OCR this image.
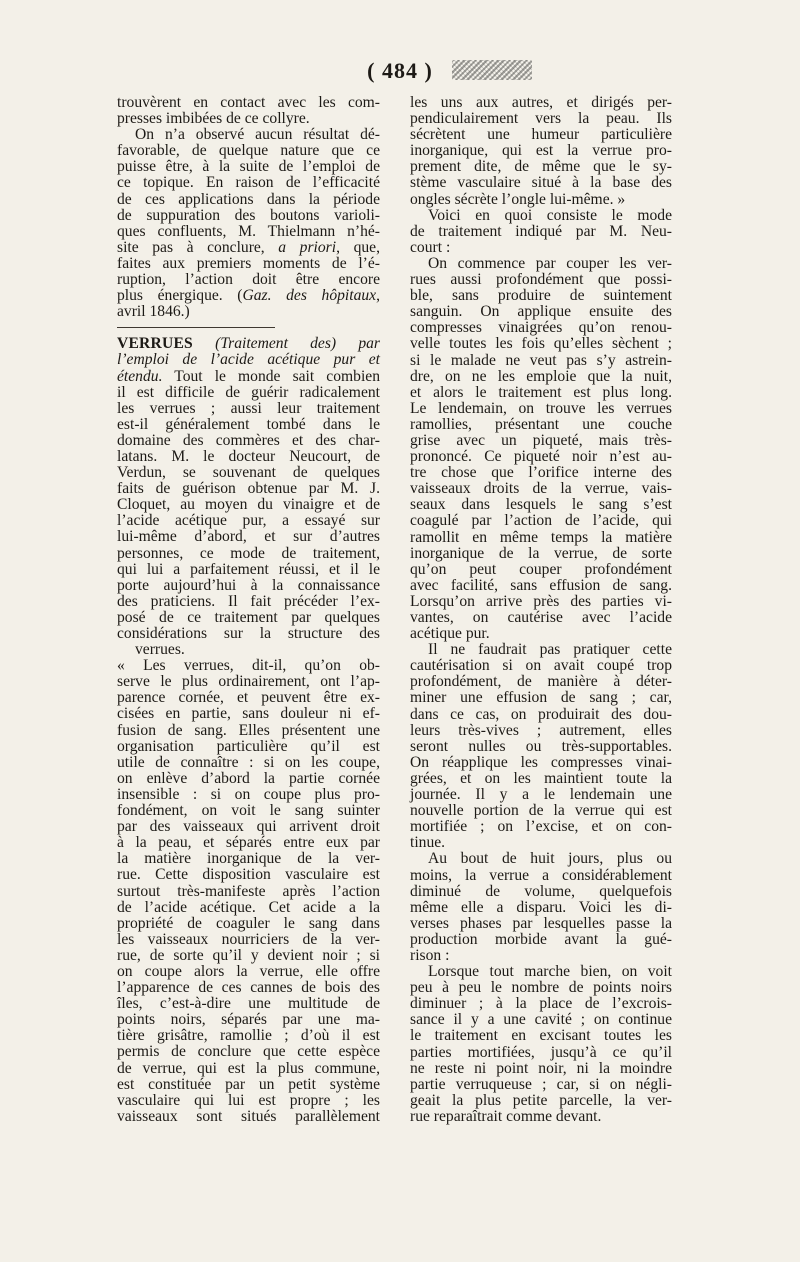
( 484 )
trouvèrent en contact avec les com-
presses imbibées de ce collyre.
On n’a observé aucun résultat dé-
favorable, de quelque nature que ce
puisse être, à la suite de l’emploi de
ce topique. En raison de l’efficacité
de ces applications dans la période
de suppuration des boutons varioli-
ques confluents, M. Thielmann n’hé-
site pas à conclure, a priori, que,
faites aux premiers moments de l’é-
ruption, l’action doit être encore
plus énergique. (Gaz. des hôpitaux,
avril 1846.)
VERRUES (Traitement des) par
l’emploi de l’acide acétique pur et
étendu. Tout le monde sait combien
il est difficile de guérir radicalement
les verrues ; aussi leur traitement
est-il généralement tombé dans le
domaine des commères et des char-
latans. M. le docteur Neucourt, de
Verdun, se souvenant de quelques
faits de guérison obtenue par M. J.
Cloquet, au moyen du vinaigre et de
l’acide acétique pur, a essayé sur
lui-même d’abord, et sur d’autres
personnes, ce mode de traitement,
qui lui a parfaitement réussi, et il le
porte aujourd’hui à la connaissance
des praticiens. Il fait précéder l’ex-
posé de ce traitement par quelques
considérations sur la structure des
verrues.
« Les verrues, dit-il, qu’on ob-
serve le plus ordinairement, ont l’ap-
parence cornée, et peuvent être ex-
cisées en partie, sans douleur ni ef-
fusion de sang. Elles présentent une
organisation particulière qu’il est
utile de connaître : si on les coupe,
on enlève d’abord la partie cornée
insensible : si on coupe plus pro-
fondément, on voit le sang suinter
par des vaisseaux qui arrivent droit
à la peau, et séparés entre eux par
la matière inorganique de la ver-
rue. Cette disposition vasculaire est
surtout très-manifeste après l’action
de l’acide acétique. Cet acide a la
propriété de coaguler le sang dans
les vaisseaux nourriciers de la ver-
rue, de sorte qu’il y devient noir ; si
on coupe alors la verrue, elle offre
l’apparence de ces cannes de bois des
îles, c’est-à-dire une multitude de
points noirs, séparés par une ma-
tière grisâtre, ramollie ; d’où il est
permis de conclure que cette espèce
de verrue, qui est la plus commune,
est constituée par un petit système
vasculaire qui lui est propre ; les
vaisseaux sont situés parallèlement
les uns aux autres, et dirigés per-
pendiculairement vers la peau. Ils
sécrètent une humeur particulière
inorganique, qui est la verrue pro-
prement dite, de même que le sy-
stème vasculaire situé à la base des
ongles sécrète l’ongle lui-même. »
Voici en quoi consiste le mode
de traitement indiqué par M. Neu-
court :
On commence par couper les ver-
rues aussi profondément que possi-
ble, sans produire de suintement
sanguin. On applique ensuite des
compresses vinaigrées qu’on renou-
velle toutes les fois qu’elles sèchent ;
si le malade ne veut pas s’y astrein-
dre, on ne les emploie que la nuit,
et alors le traitement est plus long.
Le lendemain, on trouve les verrues
ramollies, présentant une couche
grise avec un piqueté, mais très-
prononcé. Ce piqueté noir n’est au-
tre chose que l’orifice interne des
vaisseaux droits de la verrue, vais-
seaux dans lesquels le sang s’est
coagulé par l’action de l’acide, qui
ramollit en même temps la matière
inorganique de la verrue, de sorte
qu’on peut couper profondément
avec facilité, sans effusion de sang.
Lorsqu’on arrive près des parties vi-
vantes, on cautérise avec l’acide
acétique pur.
Il ne faudrait pas pratiquer cette
cautérisation si on avait coupé trop
profondément, de manière à déter-
miner une effusion de sang ; car,
dans ce cas, on produirait des dou-
leurs très-vives ; autrement, elles
seront nulles ou très-supportables.
On réapplique les compresses vinai-
grées, et on les maintient toute la
journée. Il y a le lendemain une
nouvelle portion de la verrue qui est
mortifiée ; on l’excise, et on con-
tinue.
Au bout de huit jours, plus ou
moins, la verrue a considérablement
diminué de volume, quelquefois
même elle a disparu. Voici les di-
verses phases par lesquelles passe la
production morbide avant la gué-
rison :
Lorsque tout marche bien, on voit
peu à peu le nombre de points noirs
diminuer ; à la place de l’excrois-
sance il y a une cavité ; on continue
le traitement en excisant toutes les
parties mortifiées, jusqu’à ce qu’il
ne reste ni point noir, ni la moindre
partie verruqueuse ; car, si on négli-
geait la plus petite parcelle, la ver-
rue reparaîtrait comme devant.
